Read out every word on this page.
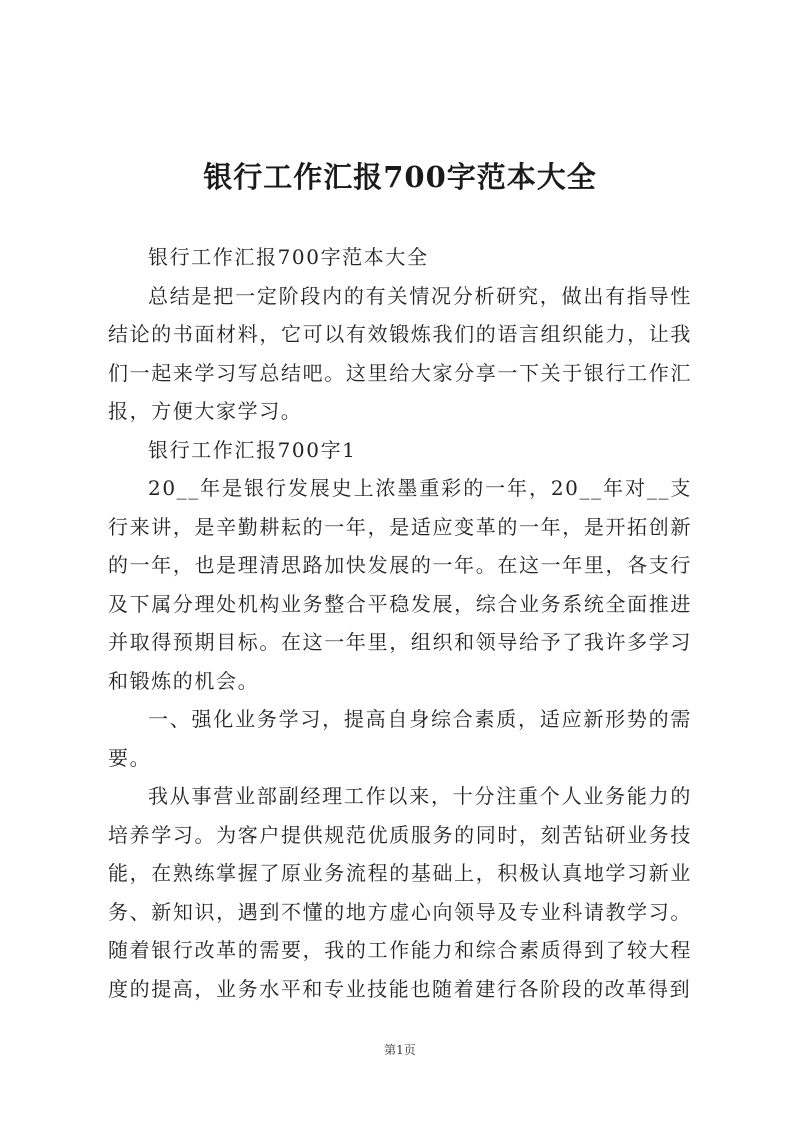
银行工作汇报700字范本大全

银行工作汇报700字范本大全

总结是把一定阶段内的有关情况分析研究，做出有指导性结论的书面材料，它可以有效锻炼我们的语言组织能力，让我们一起来学习写总结吧。这里给大家分享一下关于银行工作汇报，方便大家学习。

银行工作汇报700字1

20__年是银行发展史上浓墨重彩的一年，20__年对__支行来讲，是辛勤耕耘的一年，是适应变革的一年，是开拓创新的一年，也是理清思路加快发展的一年。在这一年里，各支行及下属分理处机构业务整合平稳发展，综合业务系统全面推进并取得预期目标。在这一年里，组织和领导给予了我许多学习和锻炼的机会。

一、强化业务学习，提高自身综合素质，适应新形势的需要。

我从事营业部副经理工作以来，十分注重个人业务能力的培养学习。为客户提供规范优质服务的同时，刻苦钻研业务技能，在熟练掌握了原业务流程的基础上，积极认真地学习新业务、新知识，遇到不懂的地方虚心向领导及专业科请教学习。随着银行改革的需要，我的工作能力和综合素质得到了较大程度的提高，业务水平和专业技能也随着建行各阶段的改革得到

第1页
